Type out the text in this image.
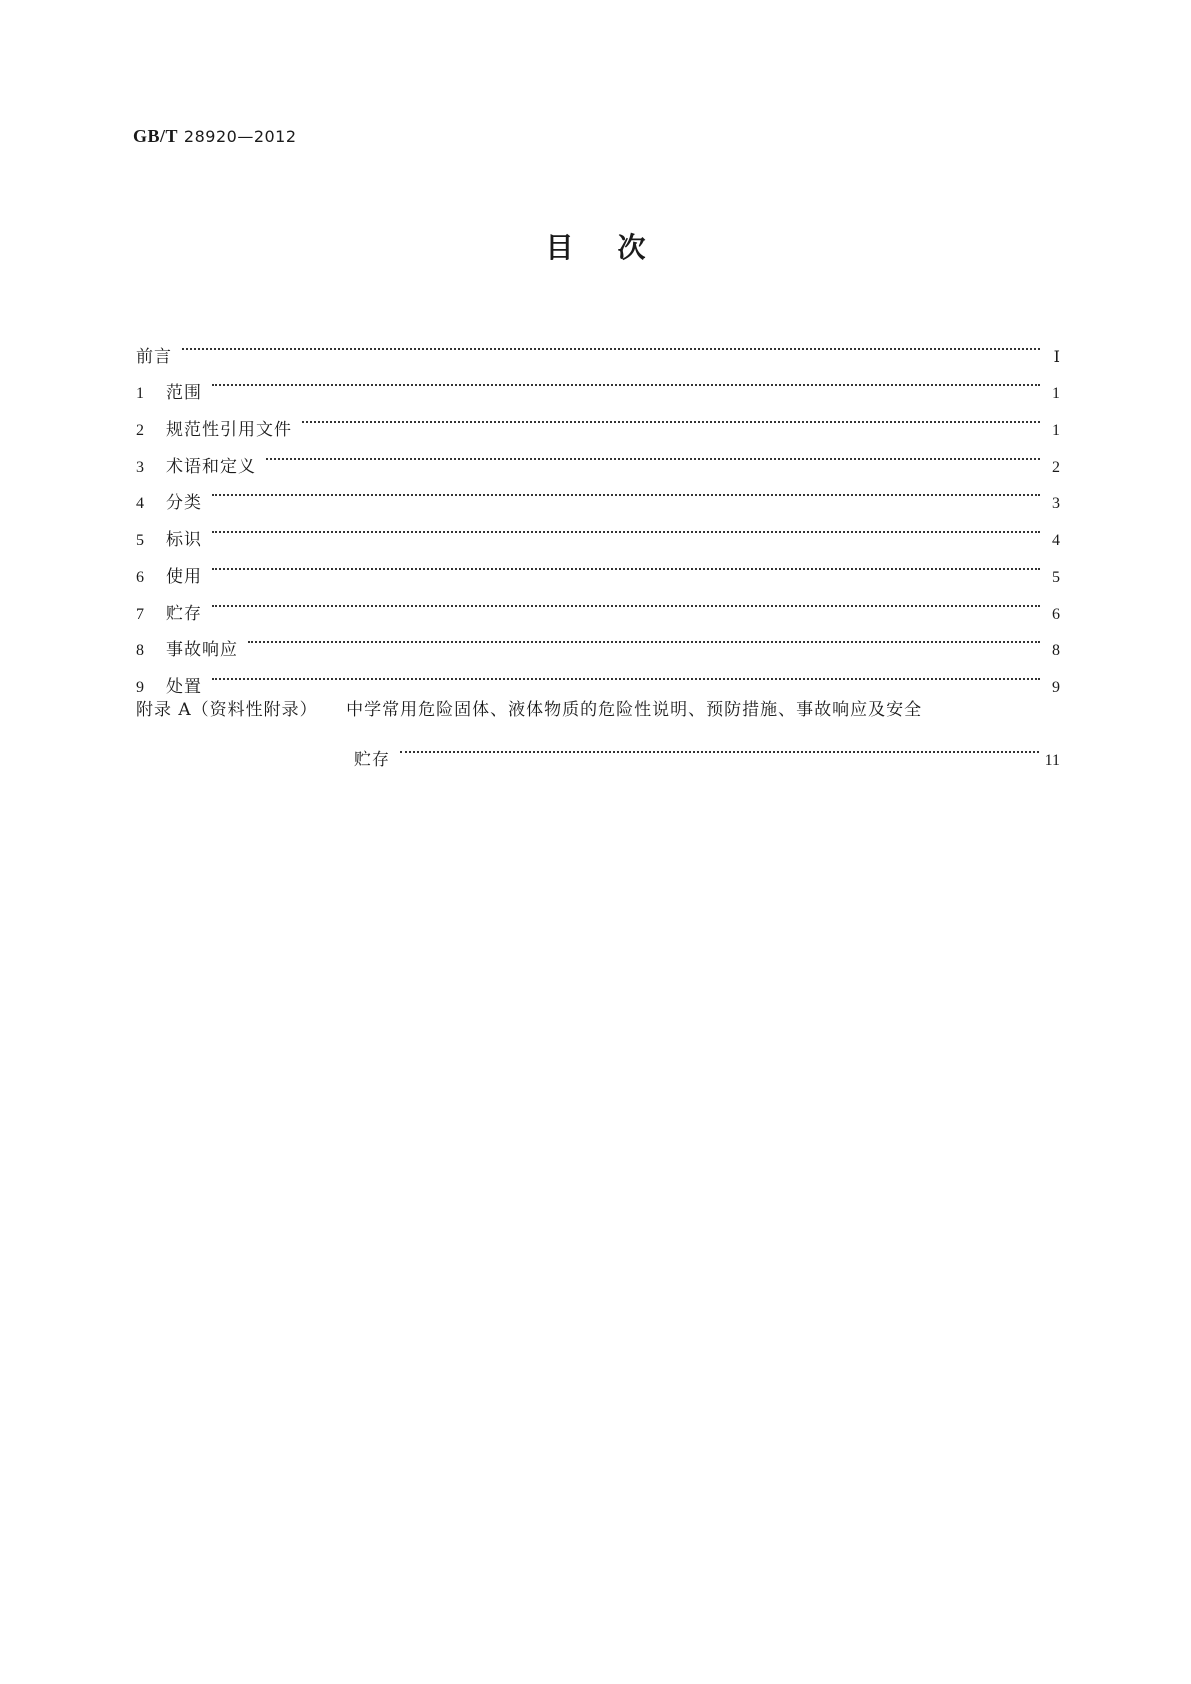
GB/T 28920—2012
目次
前言	Ⅰ
1	范围	1
2	规范性引用文件	1
3	术语和定义	2
4	分类	3
5	标识	4
6	使用	5
7	贮存	6
8	事故响应	8
9	处置	9
附录 A（资料性附录） 中学常用危险固体、液体物质的危险性说明、预防措施、事故响应及安全
贮存	11
